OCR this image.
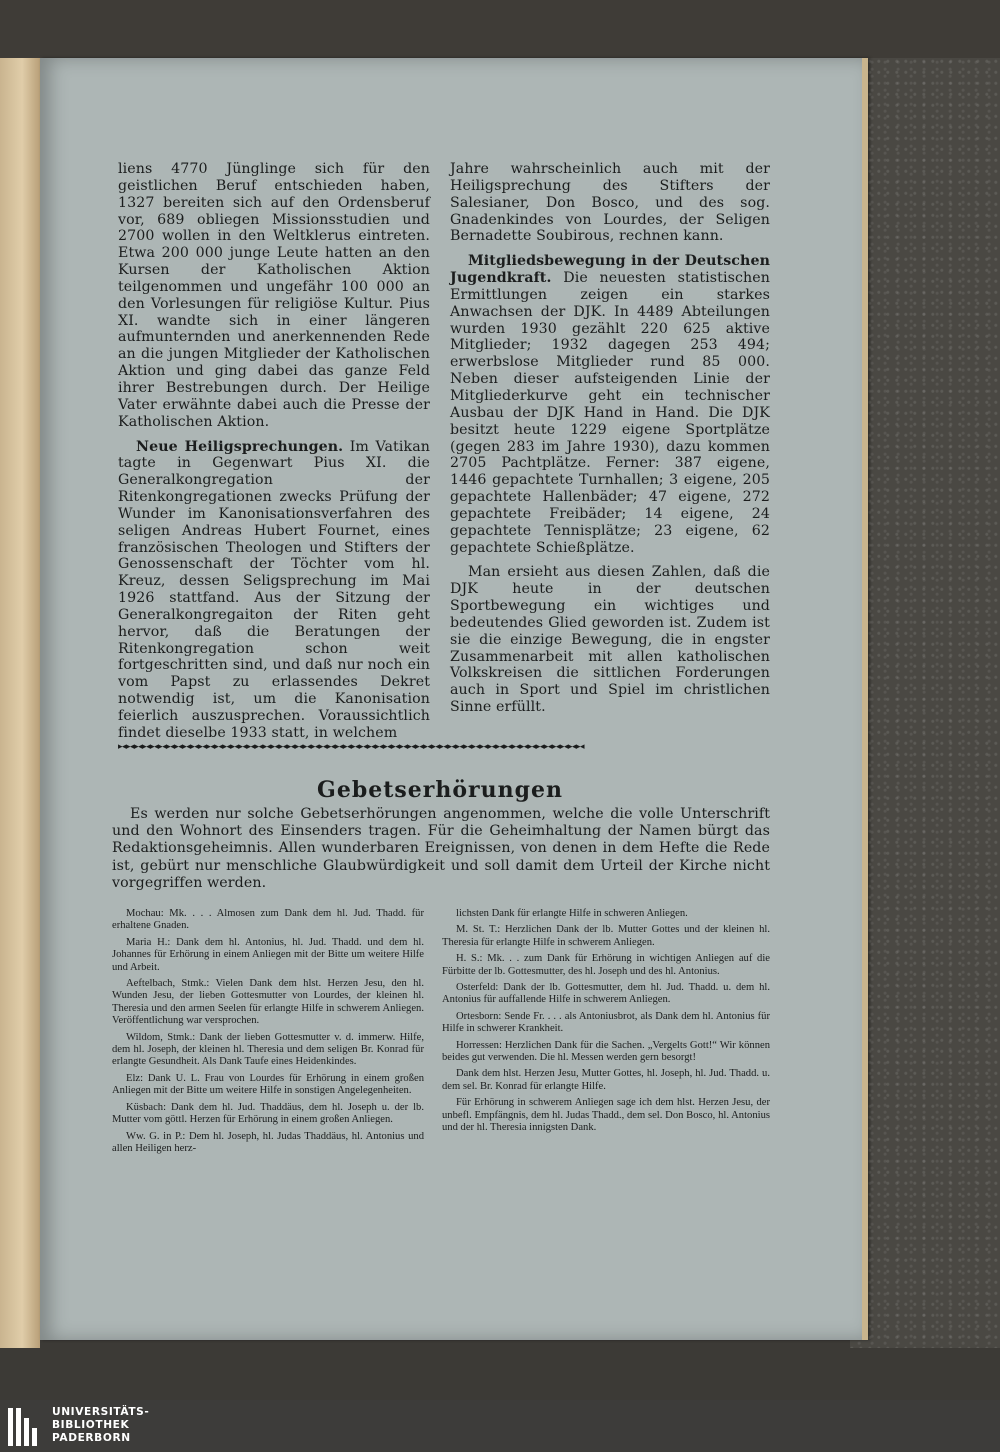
liens 4770 Jünglinge sich für den geistlichen Beruf entschieden haben, 1327 bereiten sich auf den Ordensberuf vor, 689 obliegen Missionsstudien und 2700 wollen in den Weltklerus eintreten. Etwa 200 000 junge Leute hatten an den Kursen der Katholischen Aktion teilgenommen und ungefähr 100 000 an den Vorlesungen für religiöse Kultur. Pius XI. wandte sich in einer längeren aufmunternden und anerkennenden Rede an die jungen Mitglieder der Katholischen Aktion und ging dabei das ganze Feld ihrer Bestrebungen durch. Der Heilige Vater erwähnte dabei auch die Presse der Katholischen Aktion.

Neue Heiligsprechungen. Im Vatikan tagte in Gegenwart Pius XI. die Generalkongregation der Ritenkongregationen zwecks Prüfung der Wunder im Kanonisationsverfahren des seligen Andreas Hubert Fournet, eines französischen Theologen und Stifters der Genossenschaft der Töchter vom hl. Kreuz, dessen Seligsprechung im Mai 1926 stattfand. Aus der Sitzung der Generalkongregaiton der Riten geht hervor, daß die Beratungen der Ritenkongregation schon weit fortgeschritten sind, und daß nur noch ein vom Papst zu erlassendes Dekret notwendig ist, um die Kanonisation feierlich auszusprechen. Voraussichtlich findet dieselbe 1933 statt, in welchem

Jahre wahrscheinlich auch mit der Heiligsprechung des Stifters der Salesianer, Don Bosco, und des sog. Gnadenkindes von Lourdes, der Seligen Bernadette Soubirous, rechnen kann.

Mitgliedsbewegung in der Deutschen Jugendkraft. Die neuesten statistischen Ermittlungen zeigen ein starkes Anwachsen der DJK. In 4489 Abteilungen wurden 1930 gezählt 220 625 aktive Mitglieder; 1932 dagegen 253 494; erwerbslose Mitglieder rund 85 000. Neben dieser aufsteigenden Linie der Mitgliederkurve geht ein technischer Ausbau der DJK Hand in Hand. Die DJK besitzt heute 1229 eigene Sportplätze (gegen 283 im Jahre 1930), dazu kommen 2705 Pachtplätze. Ferner: 387 eigene, 1446 gepachtete Turnhallen; 3 eigene, 205 gepachtete Hallenbäder; 47 eigene, 272 gepachtete Freibäder; 14 eigene, 24 gepachtete Tennisplätze; 23 eigene, 62 gepachtete Schießplätze.

Man ersieht aus diesen Zahlen, daß die DJK heute in der deutschen Sportbewegung ein wichtiges und bedeutendes Glied geworden ist. Zudem ist sie die einzige Bewegung, die in engster Zusammenarbeit mit allen katholischen Volkskreisen die sittlichen Forderungen auch in Sport und Spiel im christlichen Sinne erfüllt.

▸◂▸◂▸◂▸◂▸◂▸◂▸◂▸◂▸◂▸◂▸◂▸◂▸◂▸◂▸◂▸◂▸◂▸◂▸◂▸◂▸◂▸◂▸◂▸◂▸◂▸◂▸◂▸◂▸◂▸◂▸◂▸◂▸◂▸◂▸◂▸◂▸◂▸◂▸◂▸◂▸◂▸◂▸◂▸◂▸◂▸◂▸◂▸◂▸◂▸◂▸◂▸◂▸◂▸◂▸◂▸◂▸◂▸◂
Gebetserhörungen

Es werden nur solche Gebetserhörungen angenommen, welche die volle Unterschrift und den Wohnort des Einsenders tragen. Für die Geheimhaltung der Namen bürgt das Redaktionsgeheimnis. Allen wunderbaren Ereignissen, von denen in dem Hefte die Rede ist, gebürt nur menschliche Glaubwürdigkeit und soll damit dem Urteil der Kirche nicht vorgegriffen werden.

Mochau: Mk. . . . Almosen zum Dank dem hl. Jud. Thadd. für erhaltene Gnaden.

Maria H.: Dank dem hl. Antonius, hl. Jud. Thadd. und dem hl. Johannes für Erhörung in einem Anliegen mit der Bitte um weitere Hilfe und Arbeit.

Aeftelbach, Stmk.: Vielen Dank dem hlst. Herzen Jesu, den hl. Wunden Jesu, der lieben Gottesmutter von Lourdes, der kleinen hl. Theresia und den armen Seelen für erlangte Hilfe in schwerem Anliegen. Veröffentlichung war versprochen.

Wildom, Stmk.: Dank der lieben Gottesmutter v. d. immerw. Hilfe, dem hl. Joseph, der kleinen hl. Theresia und dem seligen Br. Konrad für erlangte Gesundheit. Als Dank Taufe eines Heidenkindes.

Elz: Dank U. L. Frau von Lourdes für Erhörung in einem großen Anliegen mit der Bitte um weitere Hilfe in sonstigen Angelegenheiten.

Küsbach: Dank dem hl. Jud. Thaddäus, dem hl. Joseph u. der lb. Mutter vom göttl. Herzen für Erhörung in einem großen Anliegen.

Ww. G. in P.: Dem hl. Joseph, hl. Judas Thaddäus, hl. Antonius und allen Heiligen herz-

lichsten Dank für erlangte Hilfe in schweren Anliegen.

M. St. T.: Herzlichen Dank der lb. Mutter Gottes und der kleinen hl. Theresia für erlangte Hilfe in schwerem Anliegen.

H. S.: Mk. . . zum Dank für Erhörung in wichtigen Anliegen auf die Fürbitte der lb. Gottesmutter, des hl. Joseph und des hl. Antonius.

Osterfeld: Dank der lb. Gottesmutter, dem hl. Jud. Thadd. u. dem hl. Antonius für auffallende Hilfe in schwerem Anliegen.

Ortesborn: Sende Fr. . . . als Antoniusbrot, als Dank dem hl. Antonius für Hilfe in schwerer Krankheit.

Horressen: Herzlichen Dank für die Sachen. „Vergelts Gott!“ Wir können beides gut verwenden. Die hl. Messen werden gern besorgt!

Dank dem hlst. Herzen Jesu, Mutter Gottes, hl. Joseph, hl. Jud. Thadd. u. dem sel. Br. Konrad für erlangte Hilfe.

Für Erhörung in schwerem Anliegen sage ich dem hlst. Herzen Jesu, der unbefl. Empfängnis, dem hl. Judas Thadd., dem sel. Don Bosco, hl. Antonius und der hl. Theresia innigsten Dank.

UNIVERSITÄTS-
BIBLIOTHEK
PADERBORN
